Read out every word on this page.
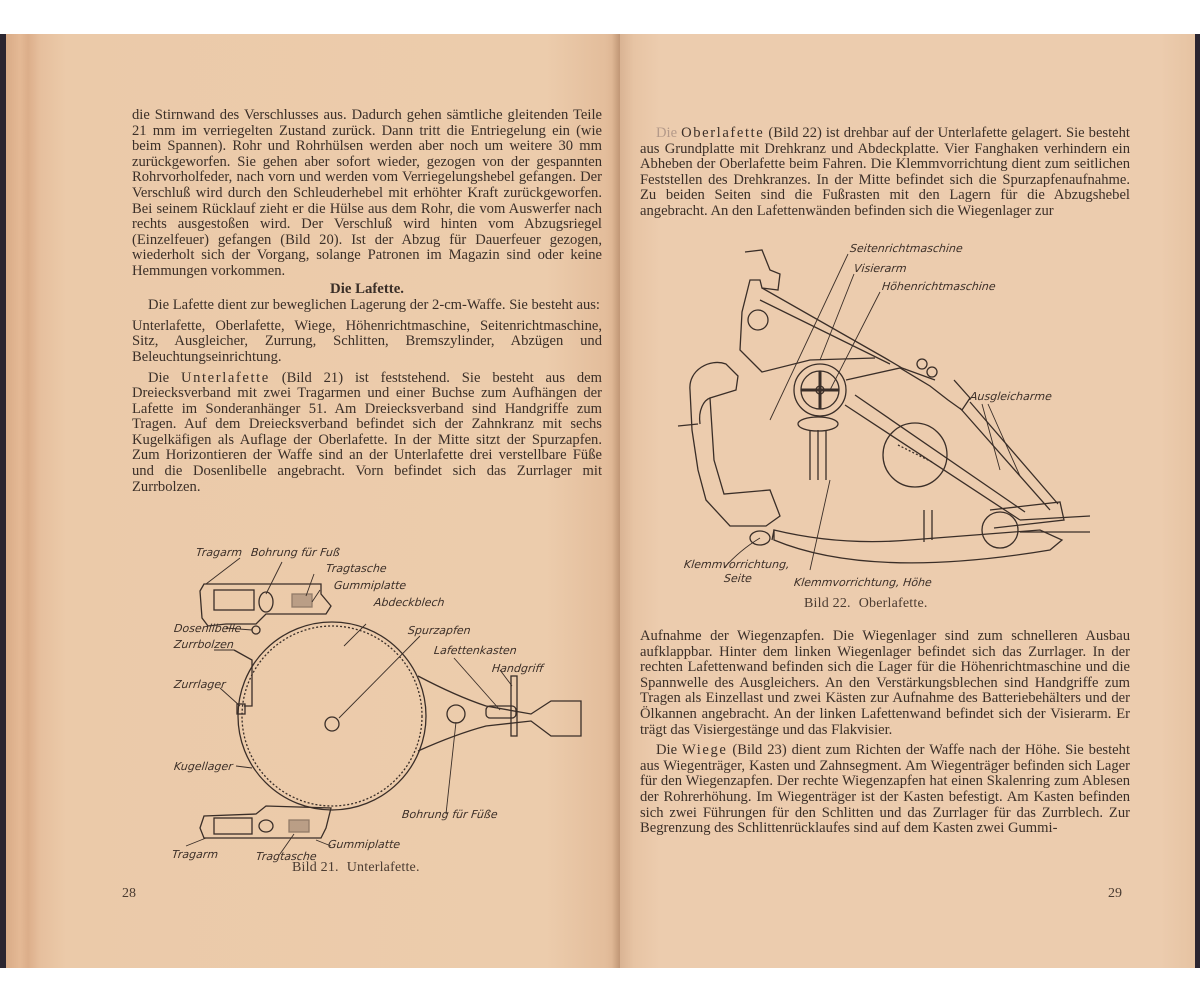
die Stirnwand des Verschlusses aus. Dadurch gehen sämtliche gleitenden Teile 21 mm im verriegelten Zustand zurück. Dann tritt die Entriegelung ein (wie beim Spannen). Rohr und Rohrhülsen werden aber noch um weitere 30 mm zurückgeworfen. Sie gehen aber sofort wieder, gezogen von der gespannten Rohrvorholfeder, nach vorn und werden vom Verriegelungshebel gefangen. Der Verschluß wird durch den Schleuderhebel mit erhöhter Kraft zurückgeworfen. Bei seinem Rücklauf zieht er die Hülse aus dem Rohr, die vom Auswerfer nach rechts ausgestoßen wird. Der Verschluß wird hinten vom Abzugsriegel (Einzelfeuer) gefangen (Bild 20). Ist der Abzug für Dauerfeuer gezogen, wiederholt sich der Vorgang, solange Patronen im Magazin sind oder keine Hemmungen vorkommen.

Die Lafette.

Die Lafette dient zur beweglichen Lagerung der 2-cm-Waffe. Sie besteht aus:

Unterlafette, Oberlafette, Wiege, Höhenrichtmaschine, Seitenrichtmaschine, Sitz, Ausgleicher, Zurrung, Schlitten, Bremszylinder, Abzügen und Beleuchtungseinrichtung.

Die Unterlafette (Bild 21) ist feststehend. Sie besteht aus dem Dreiecksverband mit zwei Tragarmen und einer Buchse zum Aufhängen der Lafette im Sonderanhänger 51. Am Dreiecksverband sind Handgriffe zum Tragen. Auf dem Dreiecksverband befindet sich der Zahnkranz mit sechs Kugelkäfigen als Auflage der Oberlafette. In der Mitte sitzt der Spurzapfen. Zum Horizontieren der Waffe sind an der Unterlafette drei verstellbare Füße und die Dosenlibelle angebracht. Vorn befindet sich das Zurrlager mit Zurrbolzen.

Tragarm Bohrung für Fuß
Tragtasche
Gummiplatte
Abdeckblech
Dosenlibelle
Zurrbolzen
Spurzapfen
Lafettenkasten
Handgriff
Zurrlager
Kugellager
Bohrung für Füße
Gummiplatte
Tragarm	Tragtasche
Bild 21. Unterlafette.
28

Die Oberlafette (Bild 22) ist drehbar auf der Unterlafette gelagert. Sie besteht aus Grundplatte mit Drehkranz und Abdeckplatte. Vier Fanghaken verhindern ein Abheben der Oberlafette beim Fahren. Die Klemmvorrichtung dient zum seitlichen Feststellen des Drehkranzes. In der Mitte befindet sich die Spurzapfenaufnahme. Zu beiden Seiten sind die Fußrasten mit den Lagern für die Abzugshebel angebracht. An den Lafettenwänden befinden sich die Wiegenlager zur

Seitenrichtmaschine
Visierarm
Höhenrichtmaschine
Ausgleicharme
Klemmvorrichtung,
Seite	Klemmvorrichtung, Höhe
Bild 22. Oberlafette.

Aufnahme der Wiegenzapfen. Die Wiegenlager sind zum schnelleren Ausbau aufklappbar. Hinter dem linken Wiegenlager befindet sich das Zurrlager. In der rechten Lafettenwand befinden sich die Lager für die Höhenrichtmaschine und die Spannwelle des Ausgleichers. An den Verstärkungsblechen sind Handgriffe zum Tragen als Einzellast und zwei Kästen zur Aufnahme des Batteriebehälters und der Ölkannen angebracht. An der linken Lafettenwand befindet sich der Visierarm. Er trägt das Visiergestänge und das Flakvisier.

Die Wiege (Bild 23) dient zum Richten der Waffe nach der Höhe. Sie besteht aus Wiegenträger, Kasten und Zahnsegment. Am Wiegenträger befinden sich Lager für den Wiegenzapfen. Der rechte Wiegenzapfen hat einen Skalenring zum Ablesen der Rohrerhöhung. Im Wiegenträger ist der Kasten befestigt. Am Kasten befinden sich zwei Führungen für den Schlitten und das Zurrlager für das Zurrblech. Zur Begrenzung des Schlittenrücklaufes sind auf dem Kasten zwei Gummi-

29
